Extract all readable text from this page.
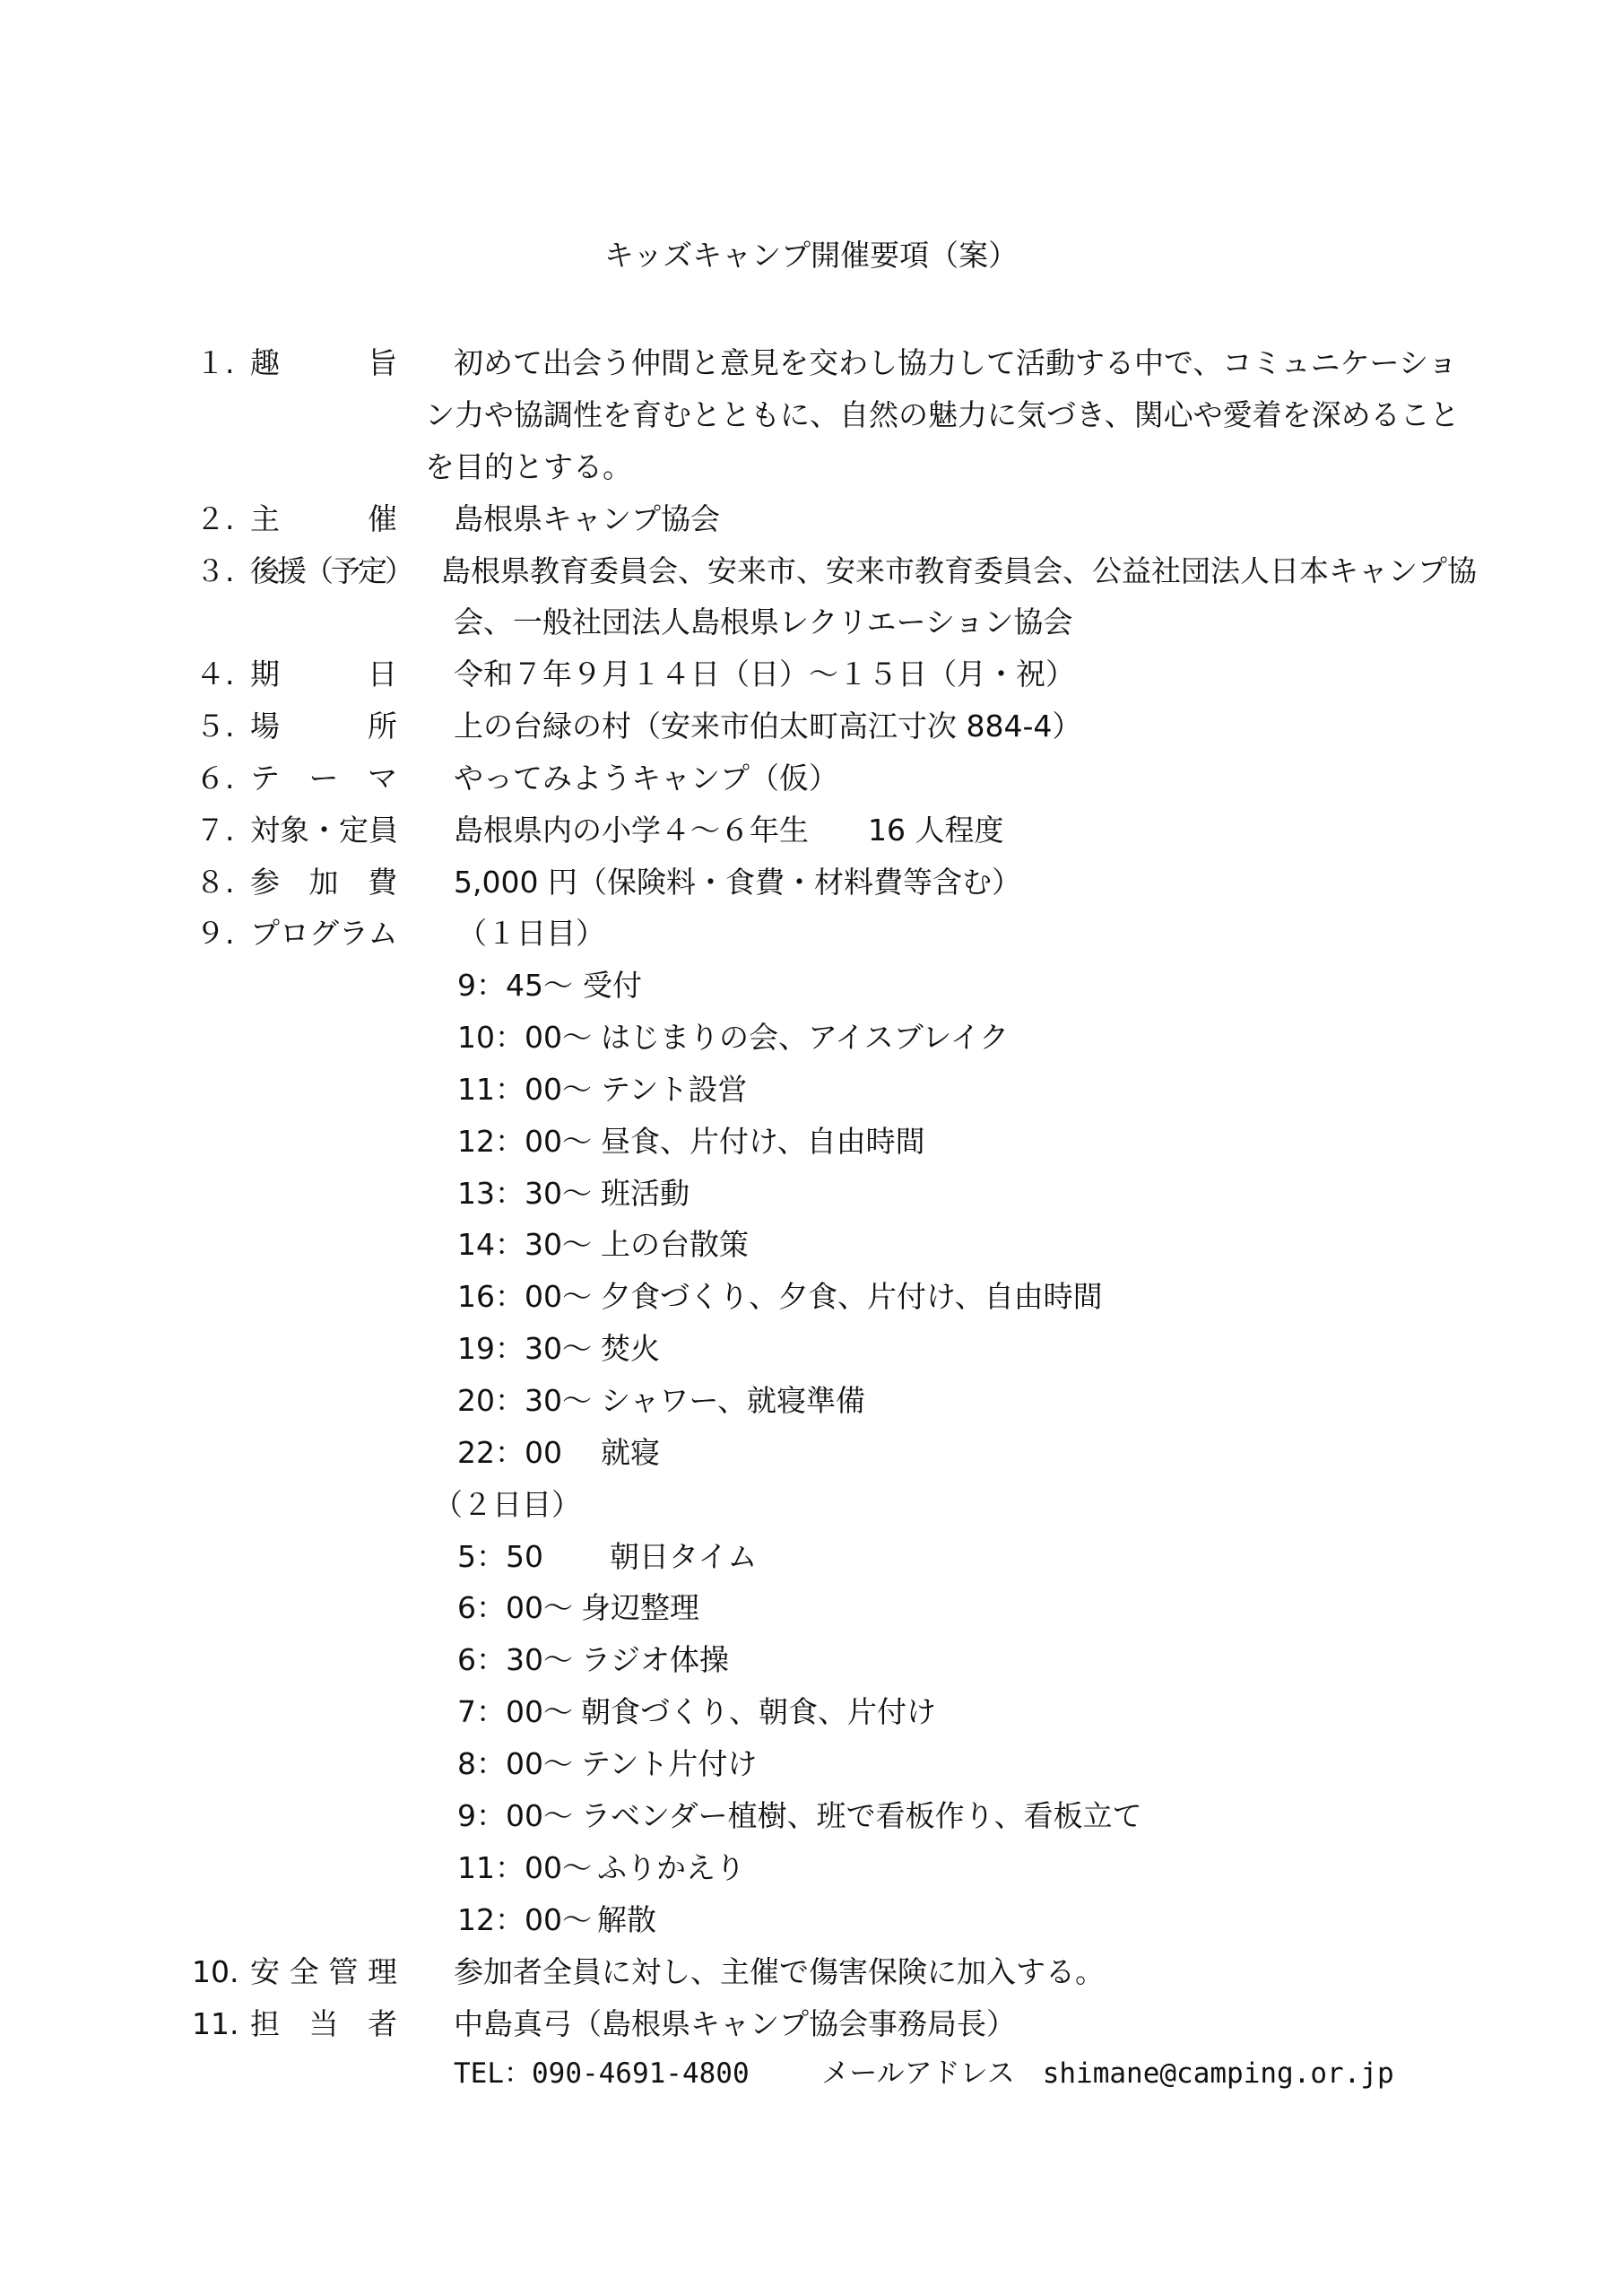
キッズキャンプ開催要項（案）
１. 趣	旨 初めて出会う仲間と意見を交わし協力して活動する中で、コミュニケーショ
ン力や協調性を育むとともに、自然の魅力に気づき、関心や愛着を深めること
を目的とする。
２. 主	催 島根県キャンプ協会
３. 後援（予定） 島根県教育委員会、安来市、安来市教育委員会、公益社団法人日本キャンプ協
会、一般社団法人島根県レクリエーション協会
４. 期	日 令和７年９月１４日（日）～１５日（月・祝）
５. 場	所 上の台緑の村（安来市伯太町高江寸次 884-4）
６. テ ー マ やってみようキャンプ（仮）
７. 対象・定員 島根県内の小学４～６年生　　16 人程度
８. 参 加 費 5,000 円（保険料・食費・材料費等含む）
９. プログラム （１日目）
9：45～ 受付
10：00～ はじまりの会、アイスブレイク
11：00～ テント設営
12：00～ 昼食、片付け、自由時間
13：30～ 班活動
14：30～ 上の台散策
16：00～ 夕食づくり、夕食、片付け、自由時間
19：30～ 焚火
20：30～ シャワー、就寝準備
22：00 就寝
（２日目）
5：50 朝日タイム
6：00～ 身辺整理
6：30～ ラジオ体操
7：00～ 朝食づくり、朝食、片付け
8：00～ テント片付け
9：00～ ラベンダー植樹、班で看板作り、看板立て
11：00～ ふりかえり
12：00～ 解散
10. 安 全 管 理 参加者全員に対し、主催で傷害保険に加入する。
11. 担 当 者 中島真弓（島根県キャンプ協会事務局長）
TEL：090-4691-4800　　 メールアドレス　shimane@camping.or.jp
